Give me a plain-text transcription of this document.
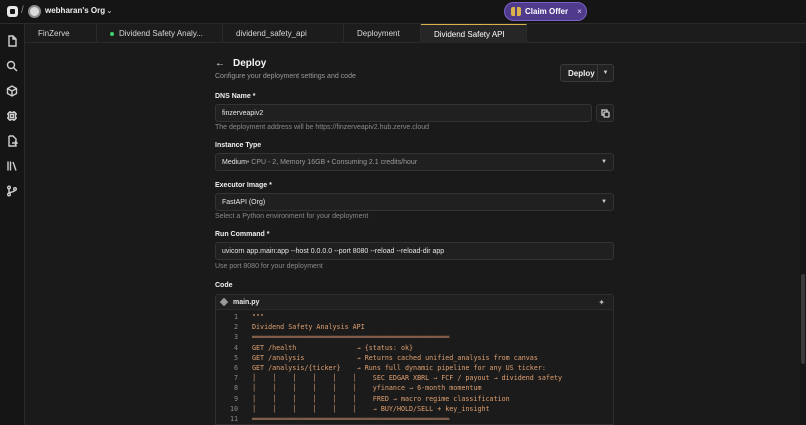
/	webharan's Org ⌄	Claim Offer ×
FinZerve	Dividend Safety Analy...	dividend_safety_api	Deployment	Dividend Safety API
← Deploy
Configure your deployment settings and code	Deploy	▼
DNS Name *
finzerveapiv2
The deployment address will be https://finzerveapiv2.hub.zerve.cloud
Instance Type
Medium • CPU - 2, Memory 16GB • Consuming 2.1 credits/hour	▼
Executor Image *
FastAPI (Org)	▼
Select a Python environment for your deployment
Run Command *
uvicorn app.main:app --host 0.0.0.0 --port 8080 --reload --reload-dir app
Use port 8080 for your deployment
Code
main.py	✦
1	"""
2	Dividend Safety Analysis API
3	═════════════════════════════════════════════════
4	GET /health               → {status: ok}
5	GET /analysis             → Returns cached unified_analysis from canvas
6	GET /analysis/{ticker}    → Runs full dynamic pipeline for any US ticker:
7	│    │    │    │    │    │    SEC EDGAR XBRL → FCF / payout → dividend safety
8	│    │    │    │    │    │    yfinance → 6-month momentum
9	│    │    │    │    │    │    FRED → macro regime classification
10	│    │    │    │    │    │    → BUY/HOLD/SELL + key_insight
11	═════════════════════════════════════════════════
